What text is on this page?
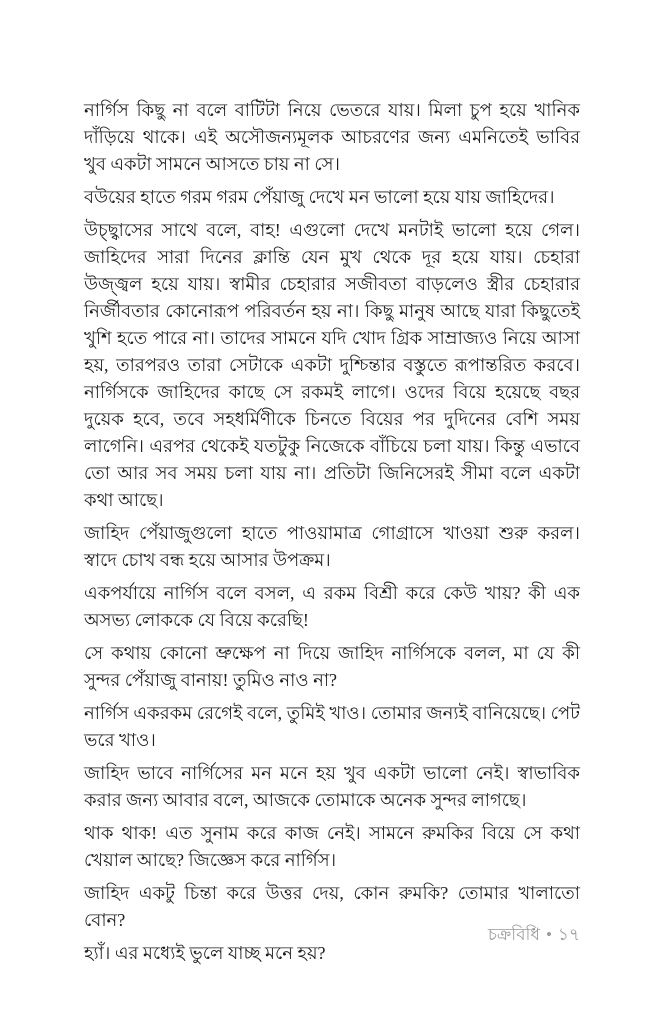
নার্গিস কিছু না বলে বাটিটা নিয়ে ভেতরে যায়। মিলা চুপ হয়ে খানিক দাঁড়িয়ে থাকে। এই অসৌজন্যমূলক আচরণের জন্য এমনিতেই ভাবির খুব একটা সামনে আসতে চায় না সে।

বউয়ের হাতে গরম গরম পেঁয়াজু দেখে মন ভালো হয়ে যায় জাহিদের।

উচ্ছ্বাসের সাথে বলে, বাহ! এগুলো দেখে মনটাই ভালো হয়ে গেল। জাহিদের সারা দিনের ক্লান্তি যেন মুখ থেকে দূর হয়ে যায়। চেহারা উজ্জ্বল হয়ে যায়। স্বামীর চেহারার সজীবতা বাড়লেও স্ত্রীর চেহারার নির্জীবতার কোনোরূপ পরিবর্তন হয় না। কিছু মানুষ আছে যারা কিছুতেই খুশি হতে পারে না। তাদের সামনে যদি খোদ গ্রিক সাম্রাজ্যও নিয়ে আসা হয়, তারপরও তারা সেটাকে একটা দুশ্চিন্তার বস্তুতে রূপান্তরিত করবে। নার্গিসকে জাহিদের কাছে সে রকমই লাগে। ওদের বিয়ে হয়েছে বছর দুয়েক হবে, তবে সহধর্মিণীকে চিনতে বিয়ের পর দুদিনের বেশি সময় লাগেনি। এরপর থেকেই যতটুকু নিজেকে বাঁচিয়ে চলা যায়। কিন্তু এভাবে তো আর সব সময় চলা যায় না। প্রতিটা জিনিসেরই সীমা বলে একটা কথা আছে।

জাহিদ পেঁয়াজুগুলো হাতে পাওয়ামাত্র গোগ্রাসে খাওয়া শুরু করল। স্বাদে চোখ বন্ধ হয়ে আসার উপক্রম।

একপর্যায়ে নার্গিস বলে বসল, এ রকম বিশ্রী করে কেউ খায়? কী এক অসভ্য লোককে যে বিয়ে করেছি!

সে কথায় কোনো ভ্রুক্ষেপ না দিয়ে জাহিদ নার্গিসকে বলল, মা যে কী সুন্দর পেঁয়াজু বানায়! তুমিও নাও না?

নার্গিস একরকম রেগেই বলে, তুমিই খাও। তোমার জন্যই বানিয়েছে। পেট ভরে খাও।

জাহিদ ভাবে নার্গিসের মন মনে হয় খুব একটা ভালো নেই। স্বাভাবিক করার জন্য আবার বলে, আজকে তোমাকে অনেক সুন্দর লাগছে।

থাক থাক! এত সুনাম করে কাজ নেই। সামনে রুমকির বিয়ে সে কথা খেয়াল আছে? জিজ্ঞেস করে নার্গিস।

জাহিদ একটু চিন্তা করে উত্তর দেয়, কোন রুমকি? তোমার খালাতো বোন?

হ্যাঁ। এর মধ্যেই ভুলে যাচ্ছ মনে হয়?

চক্রবিধি • ১৭
